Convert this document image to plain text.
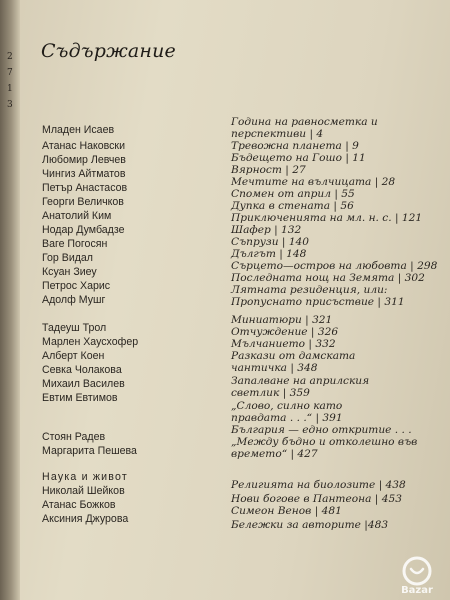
2
7
1
3
Съдържание
Младен Исаев
Атанас Наковски
Любомир Левчев
Чингиз Айтматов
Петър Анастасов
Георги Величков
Анатолий Ким
Нодар Думбадзе
Ваге Погосян
Гор Видал
Ксуан Зиеу
Петрос Харис
Адолф Мушг
Тадеуш Трол
Марлен Хаусхофер
Алберт Коен
Севка Чолакова
Михаил Василев
Евтим Евтимов
Стоян Радев
Маргарита Пешева
Наука и живот
Николай Шейков
Атанас Божков
Аксиния Джурова
Година на равносметка и
перспективи | 4
Тревожна планета | 9
Бъдещето на Гошо | 11
Вярност | 27
Мечтите на вълчицата | 28
Спомен от април | 55
Дупка в стената | 56
Приключенията на мл. н. с. | 121
Шафер | 132
Съпрузи | 140
Дългът | 148
Сърцето—остров на любовта | 298
Последната нощ на Земята | 302
Лятната резиденция, или:
Пропуснато присъствие | 311
Миниатюри | 321
Отчуждение | 326
Мълчанието | 332
Разкази от дамската
чантичка | 348
Запалване на априлския
светлик | 359
„Слово, силно като
правдата . . .“ | 391
България — едно откритие . . .
„Между бъдно и отколешно във
времето“ | 427
Религията на биолозите | 438
Нови богове в Пантеона | 453
Симеон Венов | 481
Бележки за авторите |483
Bazar
